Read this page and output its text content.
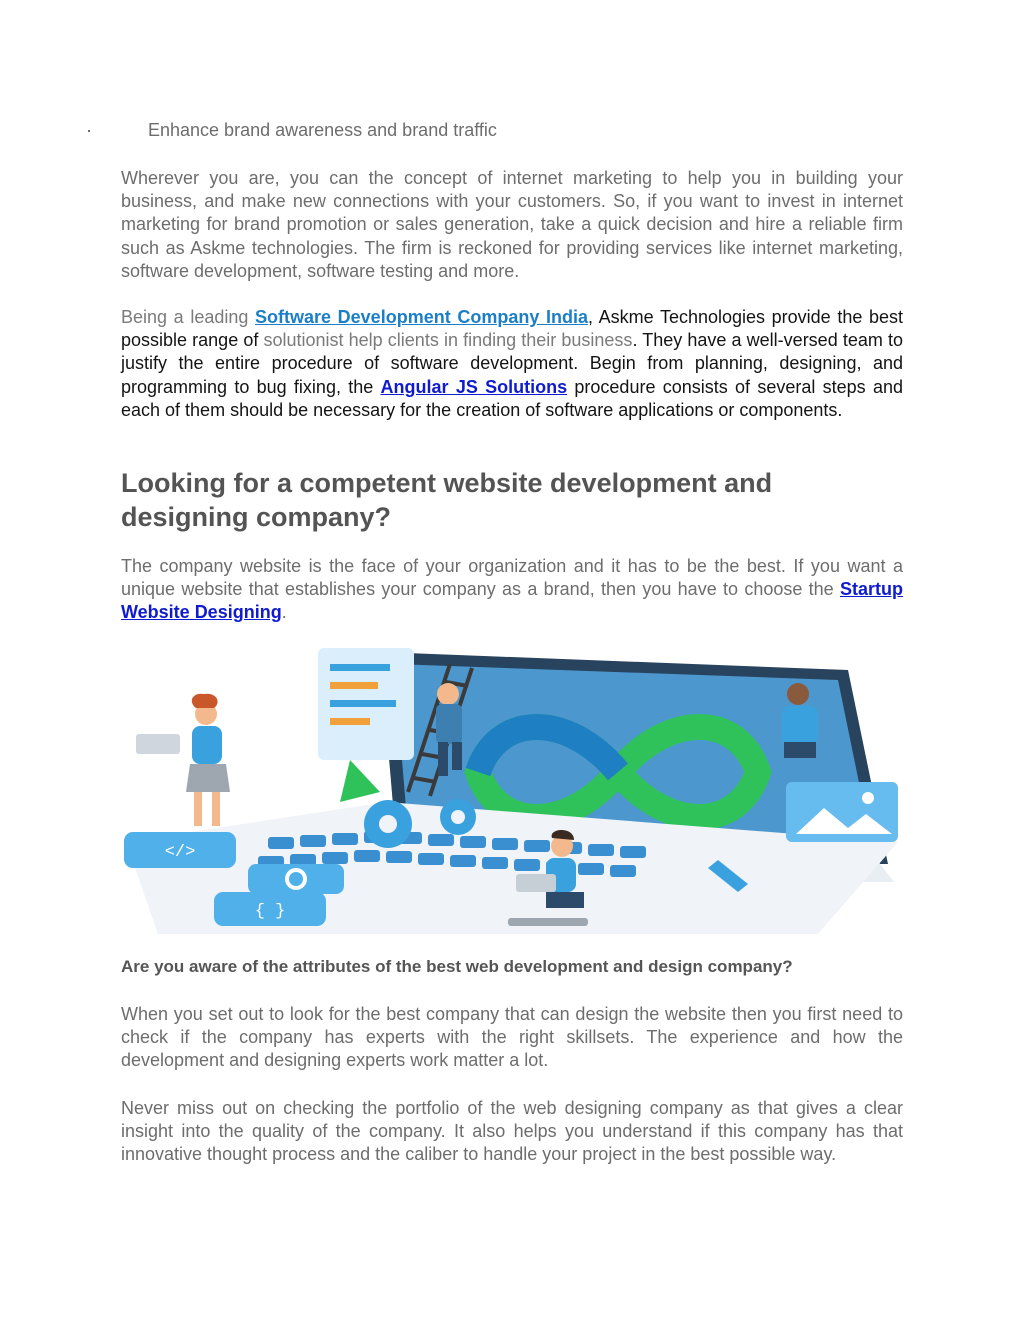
·	Enhance brand awareness and brand traffic

Wherever you are, you can the concept of internet marketing to help you in building your business, and make new connections with your customers. So, if you want to invest in internet marketing for brand promotion or sales generation, take a quick decision and hire a reliable firm such as Askme technologies. The firm is reckoned for providing services like internet marketing, software development, software testing and more.

Being a leading Software Development Company India, Askme Technologies provide the best possible range of solutionist help clients in finding their business. They have a well-versed team to justify the entire procedure of software development. Begin from planning, designing, and programming to bug fixing, the Angular JS Solutions procedure consists of several steps and each of them should be necessary for the creation of software applications or components.

Looking for a competent website development and designing company?

The company website is the face of your organization and it has to be the best. If you want a unique website that establishes your company as a brand, then you have to choose the Startup Website Designing.

</>
{ }
Are you aware of the attributes of the best web development and design company?

When you set out to look for the best company that can design the website then you first need to check if the company has experts with the right skillsets. The experience and how the development and designing experts work matter a lot.

Never miss out on checking the portfolio of the web designing company as that gives a clear insight into the quality of the company. It also helps you understand if this company has that innovative thought process and the caliber to handle your project in the best possible way.
